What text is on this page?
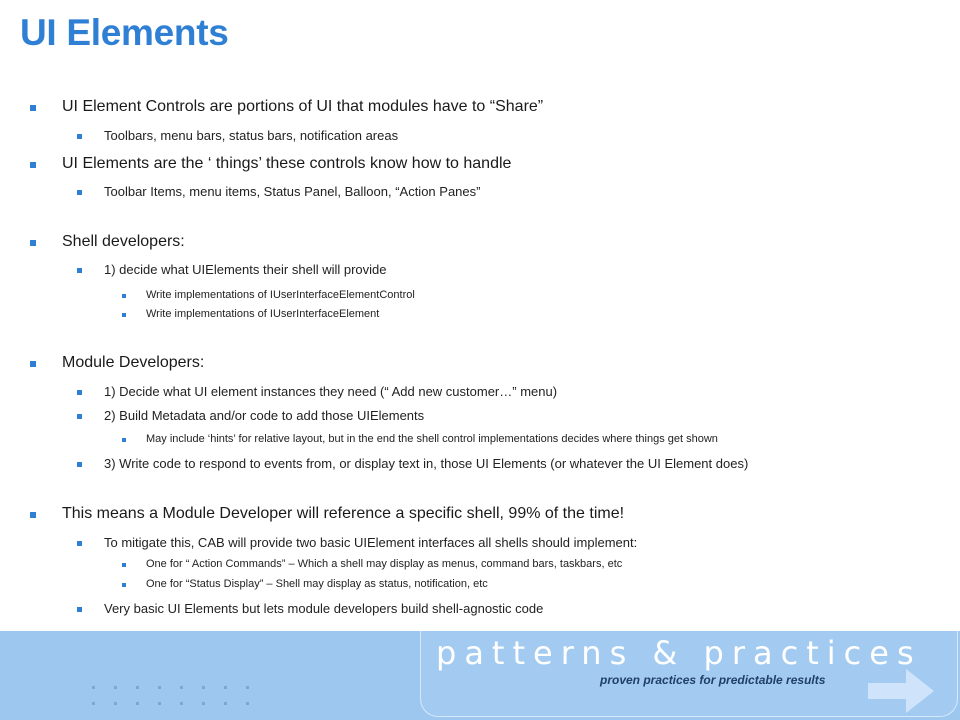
UI Elements
UI Element Controls are portions of UI that modules have to “Share”
Toolbars, menu bars, status bars, notification areas
UI Elements are the ‘ things’ these controls know how to handle
Toolbar Items, menu items, Status Panel, Balloon, “Action Panes”
Shell developers:
1) decide what UIElements their shell will provide
Write implementations of IUserInterfaceElementControl
Write implementations of IUserInterfaceElement
Module Developers:
1) Decide what UI element instances they need (“ Add new customer…” menu)
2) Build Metadata and/or code to add those UIElements
May include ‘hints’ for relative layout, but in the end the shell control implementations decides where things get shown
3) Write code to respond to events from, or display text in, those UI Elements (or whatever the UI Element does)
This means a Module Developer will reference a specific shell, 99% of the time!
To mitigate this, CAB will provide two basic UIElement interfaces all shells should implement:
One for “ Action Commands” – Which a shell may display as menus, command bars, taskbars, etc
One for “Status Display” – Shell may display as status, notification, etc
Very basic UI Elements but lets module developers build shell-agnostic code
patterns & practices
proven practices for predictable results
